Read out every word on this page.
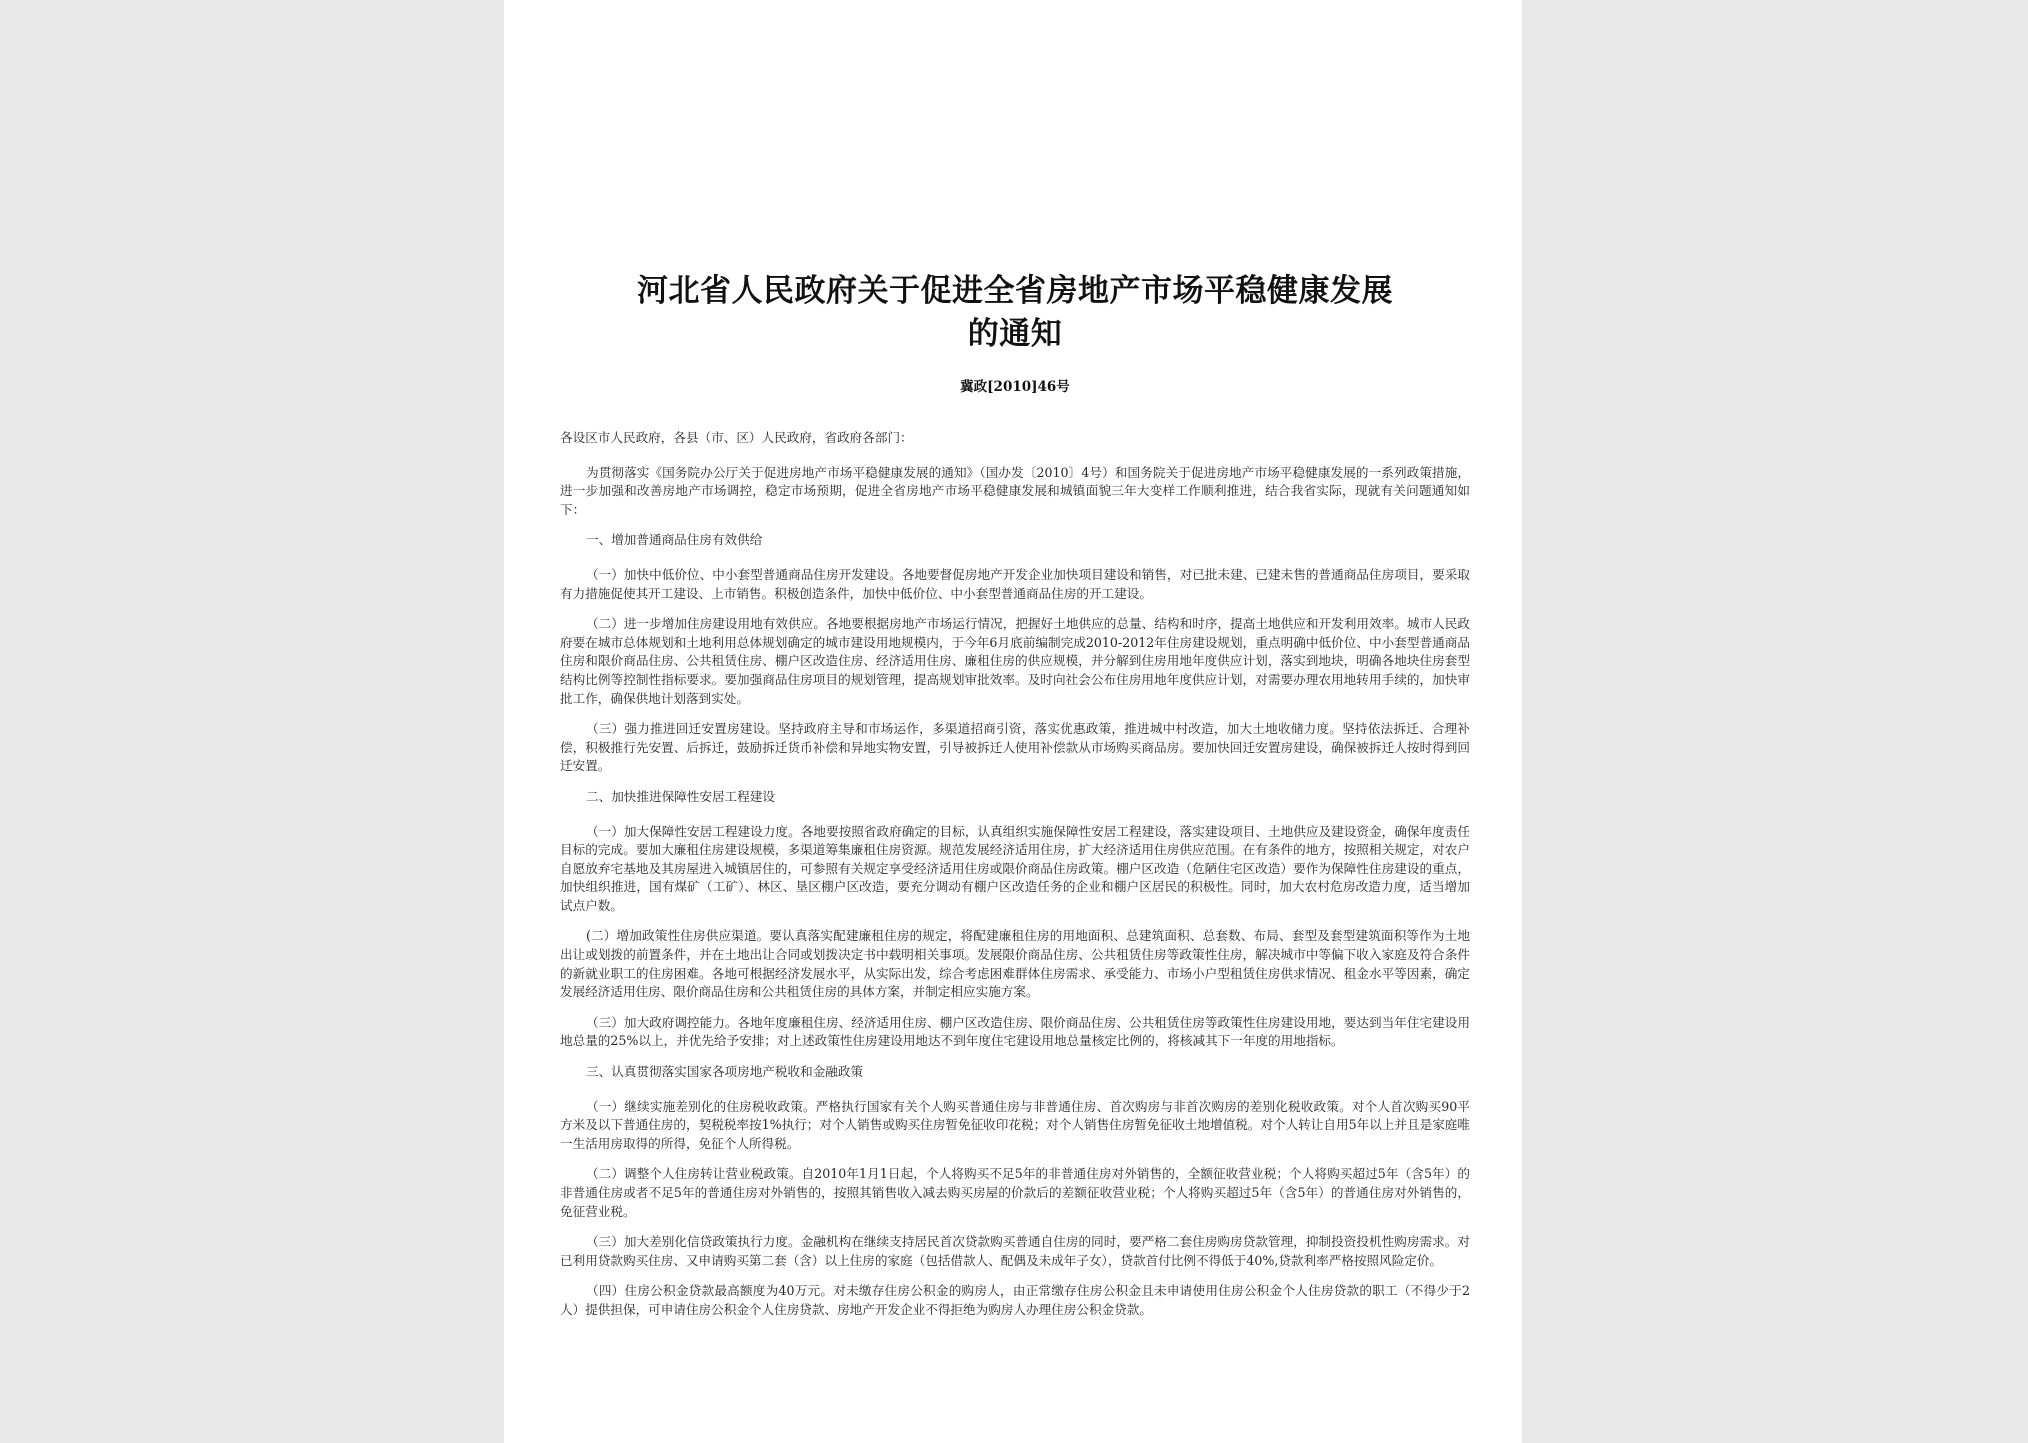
河北省人民政府关于促进全省房地产市场平稳健康发展
的通知
冀政[2010]46号

各设区市人民政府，各县（市、区）人民政府，省政府各部门：

为贯彻落实《国务院办公厅关于促进房地产市场平稳健康发展的通知》（国办发〔2010〕4号）和国务院关于促进房地产市场平稳健康发展的一系列政策措施，进一步加强和改善房地产市场调控，稳定市场预期，促进全省房地产市场平稳健康发展和城镇面貌三年大变样工作顺利推进，结合我省实际，现就有关问题通知如下：

一、增加普通商品住房有效供给

（一）加快中低价位、中小套型普通商品住房开发建设。各地要督促房地产开发企业加快项目建设和销售，对已批未建、已建未售的普通商品住房项目，要采取有力措施促使其开工建设、上市销售。积极创造条件，加快中低价位、中小套型普通商品住房的开工建设。

（二）进一步增加住房建设用地有效供应。各地要根据房地产市场运行情况，把握好土地供应的总量、结构和时序，提高土地供应和开发利用效率。城市人民政府要在城市总体规划和土地利用总体规划确定的城市建设用地规模内，于今年6月底前编制完成2010-2012年住房建设规划，重点明确中低价位、中小套型普通商品住房和限价商品住房、公共租赁住房、棚户区改造住房、经济适用住房、廉租住房的供应规模，并分解到住房用地年度供应计划，落实到地块，明确各地块住房套型结构比例等控制性指标要求。要加强商品住房项目的规划管理，提高规划审批效率。及时向社会公布住房用地年度供应计划，对需要办理农用地转用手续的，加快审批工作，确保供地计划落到实处。

（三）强力推进回迁安置房建设。坚持政府主导和市场运作，多渠道招商引资，落实优惠政策，推进城中村改造，加大土地收储力度。坚持依法拆迁、合理补偿，积极推行先安置、后拆迁，鼓励拆迁货币补偿和异地实物安置，引导被拆迁人使用补偿款从市场购买商品房。要加快回迁安置房建设，确保被拆迁人按时得到回迁安置。

二、加快推进保障性安居工程建设

（一）加大保障性安居工程建设力度。各地要按照省政府确定的目标，认真组织实施保障性安居工程建设，落实建设项目、土地供应及建设资金，确保年度责任目标的完成。要加大廉租住房建设规模，多渠道筹集廉租住房资源。规范发展经济适用住房，扩大经济适用住房供应范围。在有条件的地方，按照相关规定，对农户自愿放弃宅基地及其房屋进入城镇居住的，可参照有关规定享受经济适用住房或限价商品住房政策。棚户区改造（危陋住宅区改造）要作为保障性住房建设的重点，加快组织推进，国有煤矿（工矿）、林区、垦区棚户区改造，要充分调动有棚户区改造任务的企业和棚户区居民的积极性。同时，加大农村危房改造力度，适当增加试点户数。

(二）增加政策性住房供应渠道。要认真落实配建廉租住房的规定，将配建廉租住房的用地面积、总建筑面积、总套数、布局、套型及套型建筑面积等作为土地出让或划拨的前置条件，并在土地出让合同或划拨决定书中载明相关事项。发展限价商品住房、公共租赁住房等政策性住房，解决城市中等偏下收入家庭及符合条件的新就业职工的住房困难。各地可根据经济发展水平，从实际出发，综合考虑困难群体住房需求、承受能力、市场小户型租赁住房供求情况、租金水平等因素，确定发展经济适用住房、限价商品住房和公共租赁住房的具体方案，并制定相应实施方案。

（三）加大政府调控能力。各地年度廉租住房、经济适用住房、棚户区改造住房、限价商品住房、公共租赁住房等政策性住房建设用地，要达到当年住宅建设用地总量的25%以上，并优先给予安排；对上述政策性住房建设用地达不到年度住宅建设用地总量核定比例的，将核减其下一年度的用地指标。

三、认真贯彻落实国家各项房地产税收和金融政策

（一）继续实施差别化的住房税收政策。严格执行国家有关个人购买普通住房与非普通住房、首次购房与非首次购房的差别化税收政策。对个人首次购买90平方米及以下普通住房的，契税税率按1%执行；对个人销售或购买住房暂免征收印花税；对个人销售住房暂免征收土地增值税。对个人转让自用5年以上并且是家庭唯一生活用房取得的所得，免征个人所得税。

（二）调整个人住房转让营业税政策。自2010年1月1日起，个人将购买不足5年的非普通住房对外销售的，全额征收营业税；个人将购买超过5年（含5年）的非普通住房或者不足5年的普通住房对外销售的，按照其销售收入减去购买房屋的价款后的差额征收营业税；个人将购买超过5年（含5年）的普通住房对外销售的，免征营业税。

（三）加大差别化信贷政策执行力度。金融机构在继续支持居民首次贷款购买普通自住房的同时，要严格二套住房购房贷款管理，抑制投资投机性购房需求。对已利用贷款购买住房、又申请购买第二套（含）以上住房的家庭（包括借款人、配偶及未成年子女），贷款首付比例不得低于40%,贷款利率严格按照风险定价。

（四）住房公积金贷款最高额度为40万元。对未缴存住房公积金的购房人，由正常缴存住房公积金且未申请使用住房公积金个人住房贷款的职工（不得少于2人）提供担保，可申请住房公积金个人住房贷款、房地产开发企业不得拒绝为购房人办理住房公积金贷款。
